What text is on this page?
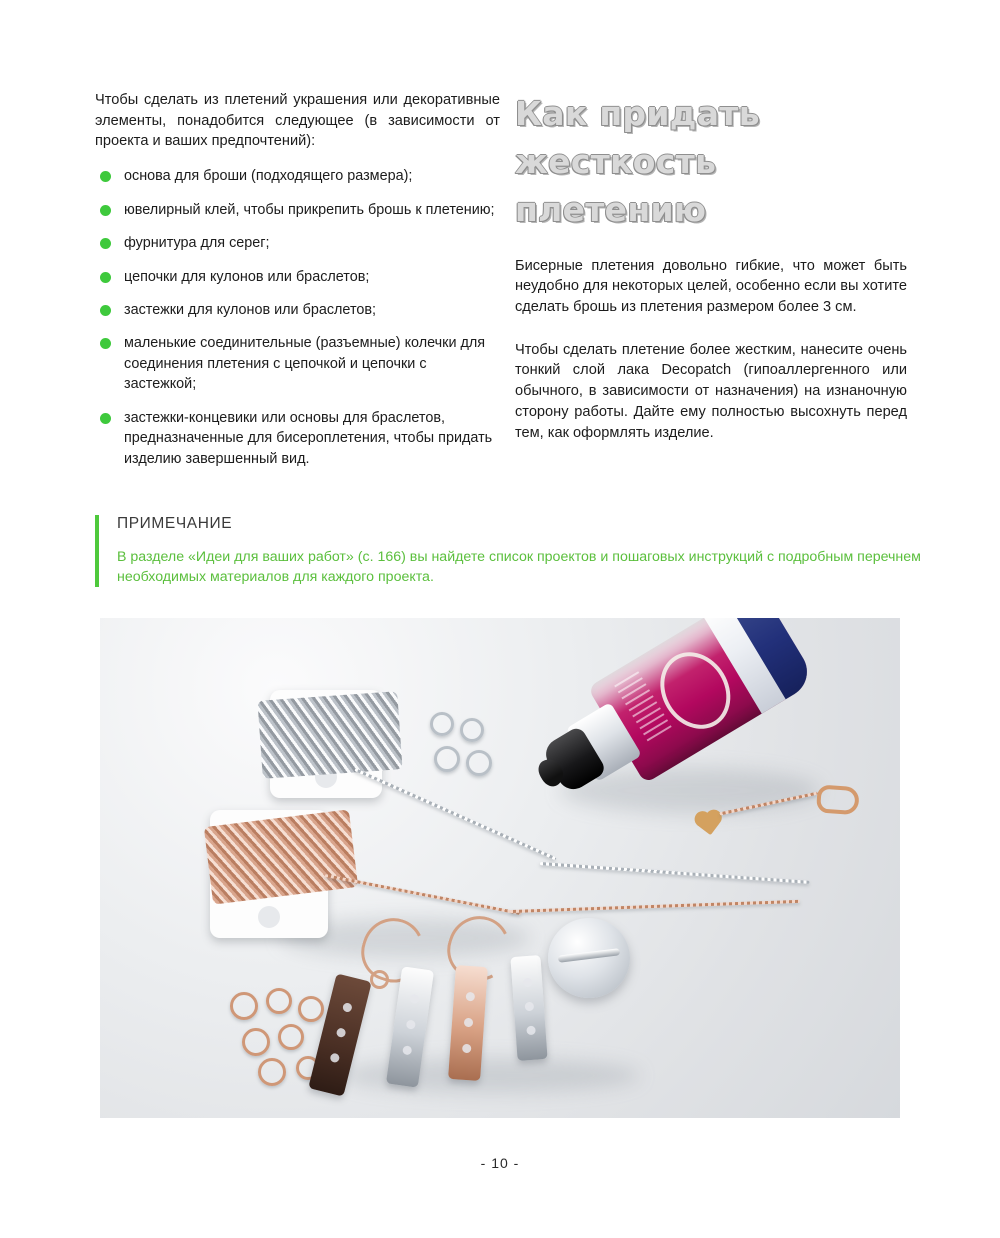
Чтобы сделать из плетений украшения или декоративные элементы, понадобится следующее (в зависимости от проекта и ваших предпочтений):

основа для броши (подходящего размера);
ювелирный клей, чтобы прикрепить брошь к плетению;
фурнитура для серег;
цепочки для кулонов или браслетов;
застежки для кулонов или браслетов;
маленькие соединительные (разъемные) колечки для соединения плетения с цепочкой и цепочки с застежкой;
застежки-концевики или основы для браслетов, предназначенные для бисероплетения, чтобы придать изделию завершенный вид.
Как придать
жесткость плетению

Бисерные плетения довольно гибкие, что может быть неудобно для некоторых целей, особенно если вы хотите сделать брошь из плетения размером более 3 см.

Чтобы сделать плетение более жестким, нанесите очень тонкий слой лака Decopatch (гипоаллергенного или обычного, в зависимости от назначения) на изнаночную сторону работы. Дайте ему полностью высохнуть перед тем, как оформлять изделие.

ПРИМЕЧАНИЕ

В разделе «Идеи для ваших работ» (с. 166) вы найдете список проектов и пошаговых инструкций с подробным перечнем необходимых материалов для каждого проекта.

- 10 -
